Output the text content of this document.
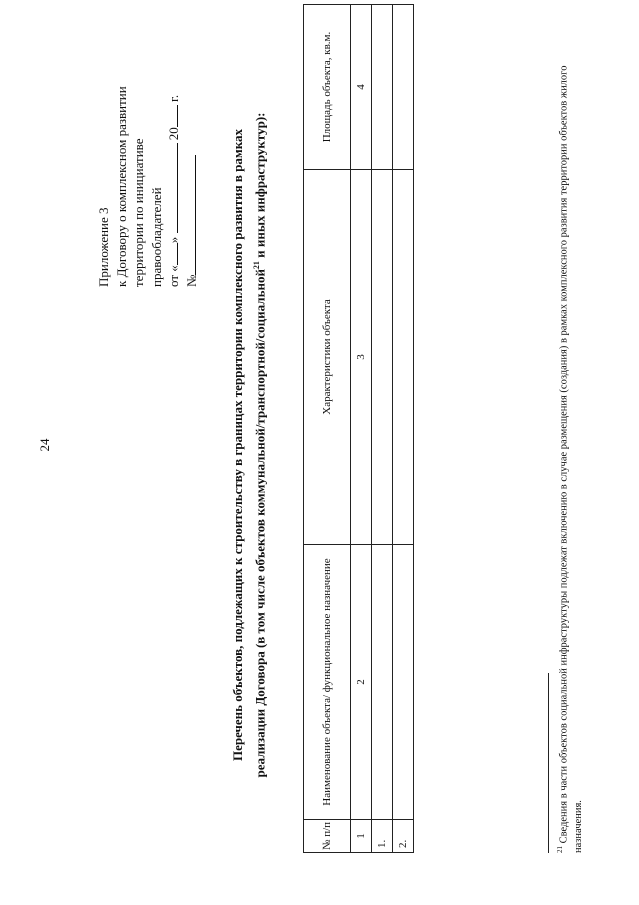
24
Приложение 3 к Договору о комплексном развитии территории по инициативе правообладателей от «»  20 г.
№ Перечень объектов, подлежащих к строительству в границах территории комплексного развития в рамках реализации Договора (в том числе объектов коммунальной/транспортной/социальной$^{21}$ и иных инфраструктур):
№ п/п	Наименование объекта/ функциональное назначение	Характеристики объекта	Площадь объекта, кв.м.
1	2	3	4
1.			
2.			
$^{21}$ Сведения в части объектов социальной инфраструктуры подлежат включению в случае размещения (создания) в рамках комплексного развития территории объектов жилого назначения.
